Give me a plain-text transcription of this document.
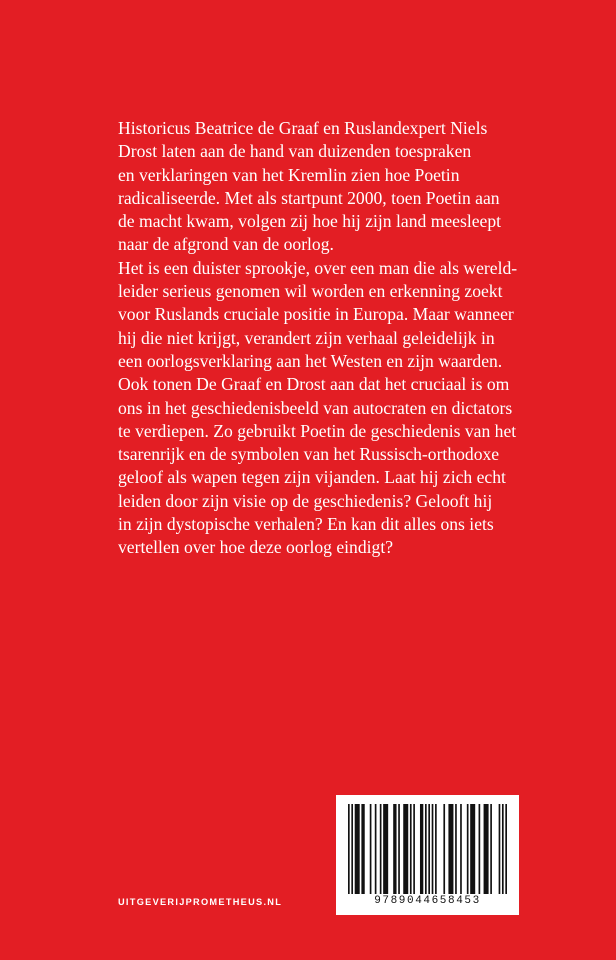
Historicus Beatrice de Graaf en Ruslandexpert Niels
Drost laten aan de hand van duizenden toespraken
en verklaringen van het Kremlin zien hoe Poetin
radicaliseerde. Met als startpunt 2000, toen Poetin aan
de macht kwam, volgen zij hoe hij zijn land meesleept
naar de afgrond van de oorlog.
Het is een duister sprookje, over een man die als wereld-
leider serieus genomen wil worden en erkenning zoekt
voor Ruslands cruciale positie in Europa. Maar wanneer
hij die niet krijgt, verandert zijn verhaal geleidelijk in
een oorlogsverklaring aan het Westen en zijn waarden.
Ook tonen De Graaf en Drost aan dat het cruciaal is om
ons in het geschiedenisbeeld van autocraten en dictators
te verdiepen. Zo gebruikt Poetin de geschiedenis van het
tsarenrijk en de symbolen van het Russisch-orthodoxe
geloof als wapen tegen zijn vijanden. Laat hij zich echt
leiden door zijn visie op de geschiedenis? Gelooft hij
in zijn dystopische verhalen? En kan dit alles ons iets
vertellen over hoe deze oorlog eindigt?
UITGEVERIJPROMETHEUS.NL	9789044658453
